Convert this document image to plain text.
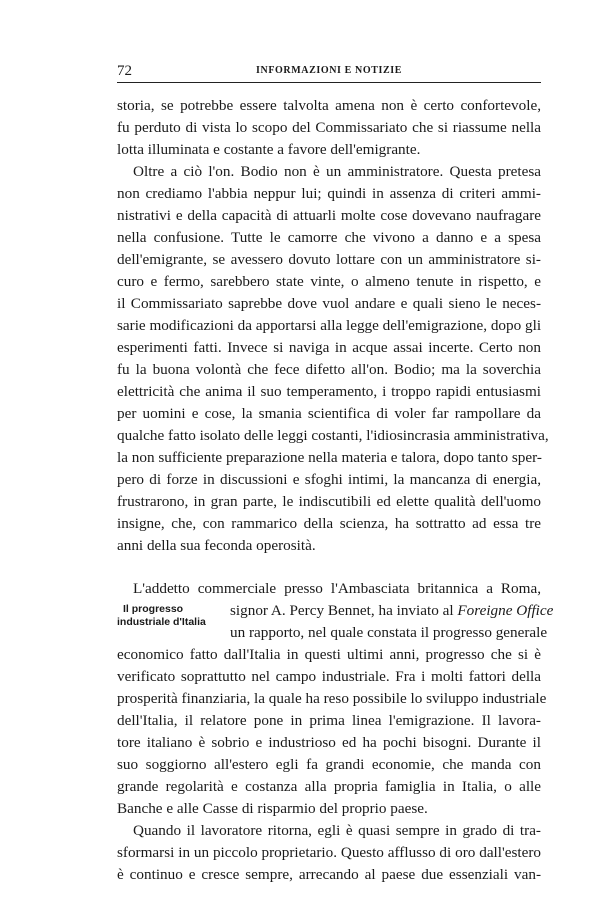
72	INFORMAZIONI E NOTIZIE
storia, se potrebbe essere talvolta amena non è certo confortevole,
fu perduto di vista lo scopo del Commissariato che si riassume nella
lotta illuminata e costante a favore dell'emigrante.
Oltre a ciò l'on. Bodio non è un amministratore. Questa pretesa
non crediamo l'abbia neppur lui; quindi in assenza di criteri ammi-
nistrativi e della capacità di attuarli molte cose dovevano naufragare
nella confusione. Tutte le camorre che vivono a danno e a spesa
dell'emigrante, se avessero dovuto lottare con un amministratore si-
curo e fermo, sarebbero state vinte, o almeno tenute in rispetto, e
il Commissariato saprebbe dove vuol andare e quali sieno le neces-
sarie modificazioni da apportarsi alla legge dell'emigrazione, dopo gli
esperimenti fatti. Invece si naviga in acque assai incerte. Certo non
fu la buona volontà che fece difetto all'on. Bodio; ma la soverchia
elettricità che anima il suo temperamento, i troppo rapidi entusiasmi
per uomini e cose, la smania scientifica di voler far rampollare da
qualche fatto isolato delle leggi costanti, l'idiosincrasia amministrativa,
la non sufficiente preparazione nella materia e talora, dopo tanto sper-
pero di forze in discussioni e sfoghi intimi, la mancanza di energia,
frustrarono, in gran parte, le indiscutibili ed elette qualità dell'uomo
insigne, che, con rammarico della scienza, ha sottratto ad essa tre
anni della sua feconda operosità.
L'addetto commerciale presso l'Ambasciata britannica a Roma,
Il progresso
industriale d'Italia
signor A. Percy Bennet, ha inviato al Foreigne Office
un rapporto, nel quale constata il progresso generale
economico fatto dall'Italia in questi ultimi anni, progresso che si è
verificato soprattutto nel campo industriale. Fra i molti fattori della
prosperità finanziaria, la quale ha reso possibile lo sviluppo industriale
dell'Italia, il relatore pone in prima linea l'emigrazione. Il lavora-
tore italiano è sobrio e industrioso ed ha pochi bisogni. Durante il
suo soggiorno all'estero egli fa grandi economie, che manda con
grande regolarità e costanza alla propria famiglia in Italia, o alle
Banche e alle Casse di risparmio del proprio paese.
Quando il lavoratore ritorna, egli è quasi sempre in grado di tra-
sformarsi in un piccolo proprietario. Questo afflusso di oro dall'estero
è continuo e cresce sempre, arrecando al paese due essenziali van-
